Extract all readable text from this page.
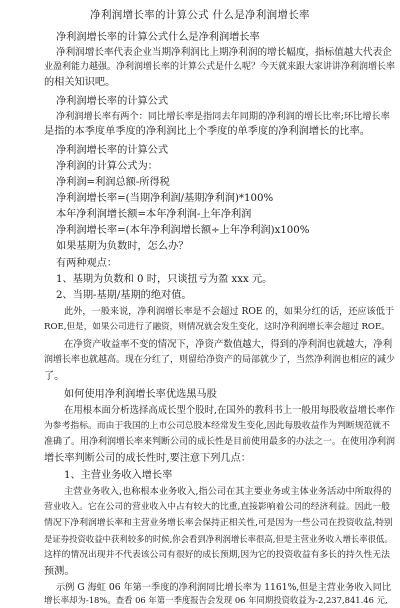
净利润增长率的计算公式 什么是净利润增长率
净利润增长率的计算公式什么是净利润增长率
净利润增长率代表企业当期净利润比上期净利润的增长幅度，指标值越大代表企
业盈利能力越强。净利润增长率的计算公式是什么呢？今天就来跟大家讲讲净利润增长率
的相关知识吧。
净利润增长率的计算公式
净利润增长率有两个：同比增长率是指同去年同期的净利润的增长比率;环比增长率
是指的本季度单季度的净利润比上个季度的单季度的净利润增长的比率。
净利润增长率的计算公式
净利润的计算公式为：
净利润=利润总额-所得税
净利润增长率=(当期净利润/基期净利润)*100%
本年净利润增长额=本年净利润-上年净利润
净利润增长率=(本年净利润增长额÷上年净利润)x100%
如果基期为负数时，怎么办？
有两种观点：
1、基期为负数和 0 时，只谈扭亏为盈 xxx 元。
2、当期-基期/基期的绝对值。
此外，一般来说，净利润增长率是不会超过 ROE 的，如果分红的话，还应该低于
ROE,但是，如果公司进行了融资，则情况就会发生变化，这时净利润增长率会超过 ROE。
在净资产收益率不变的情况下，净资产数值越大，得到的净利润也就越大，净利
润增长率也就越高。现在分红了，则留给净资产的局部就少了，当然净利润也相应的减少
了。
如何使用净利润增长率优选黑马股
在用根本面分析选择高成长型个股时,在国外的教科书上一般用每股收益增长率作
为参考指标。而由于我国的上市公司总股本经常发生变化,因此每股收益作为判断规范就不
准确了。用净利润增长率来判断公司的成长性是目前使用最多的办法之一。在使用净利润
增长率判断公司的成长性时,要注意下列几点：
1、主营业务收入增长率
主营业务收入,也称根本业务收入,指公司在其主要业务或主体业务活动中所取得的
营业收入。它在公司的营业收入中占有较大的比重,直接影响着公司的经济利益。因此一般
情况下净利润增长率和主营业务增长率会保持正相关性,可是因为一些公司在投资收益,特别
是证券投资收益中获利较多的时候,你会看到净利润增长率很高,但是主营业务收入增长率很低。
这样的情况出现并不代表该公司有很好的成长预期,因为它的投资收益有多长的持久性无法
预测。
示例 G 海虹 06 年第一季度的净利润同比增长率为 1161%,但是主营业务收入同比
增长率却为-18%。查看 06 年第一季度报告会发现 06 年同期投资收益为-2,237,841.46 元,
